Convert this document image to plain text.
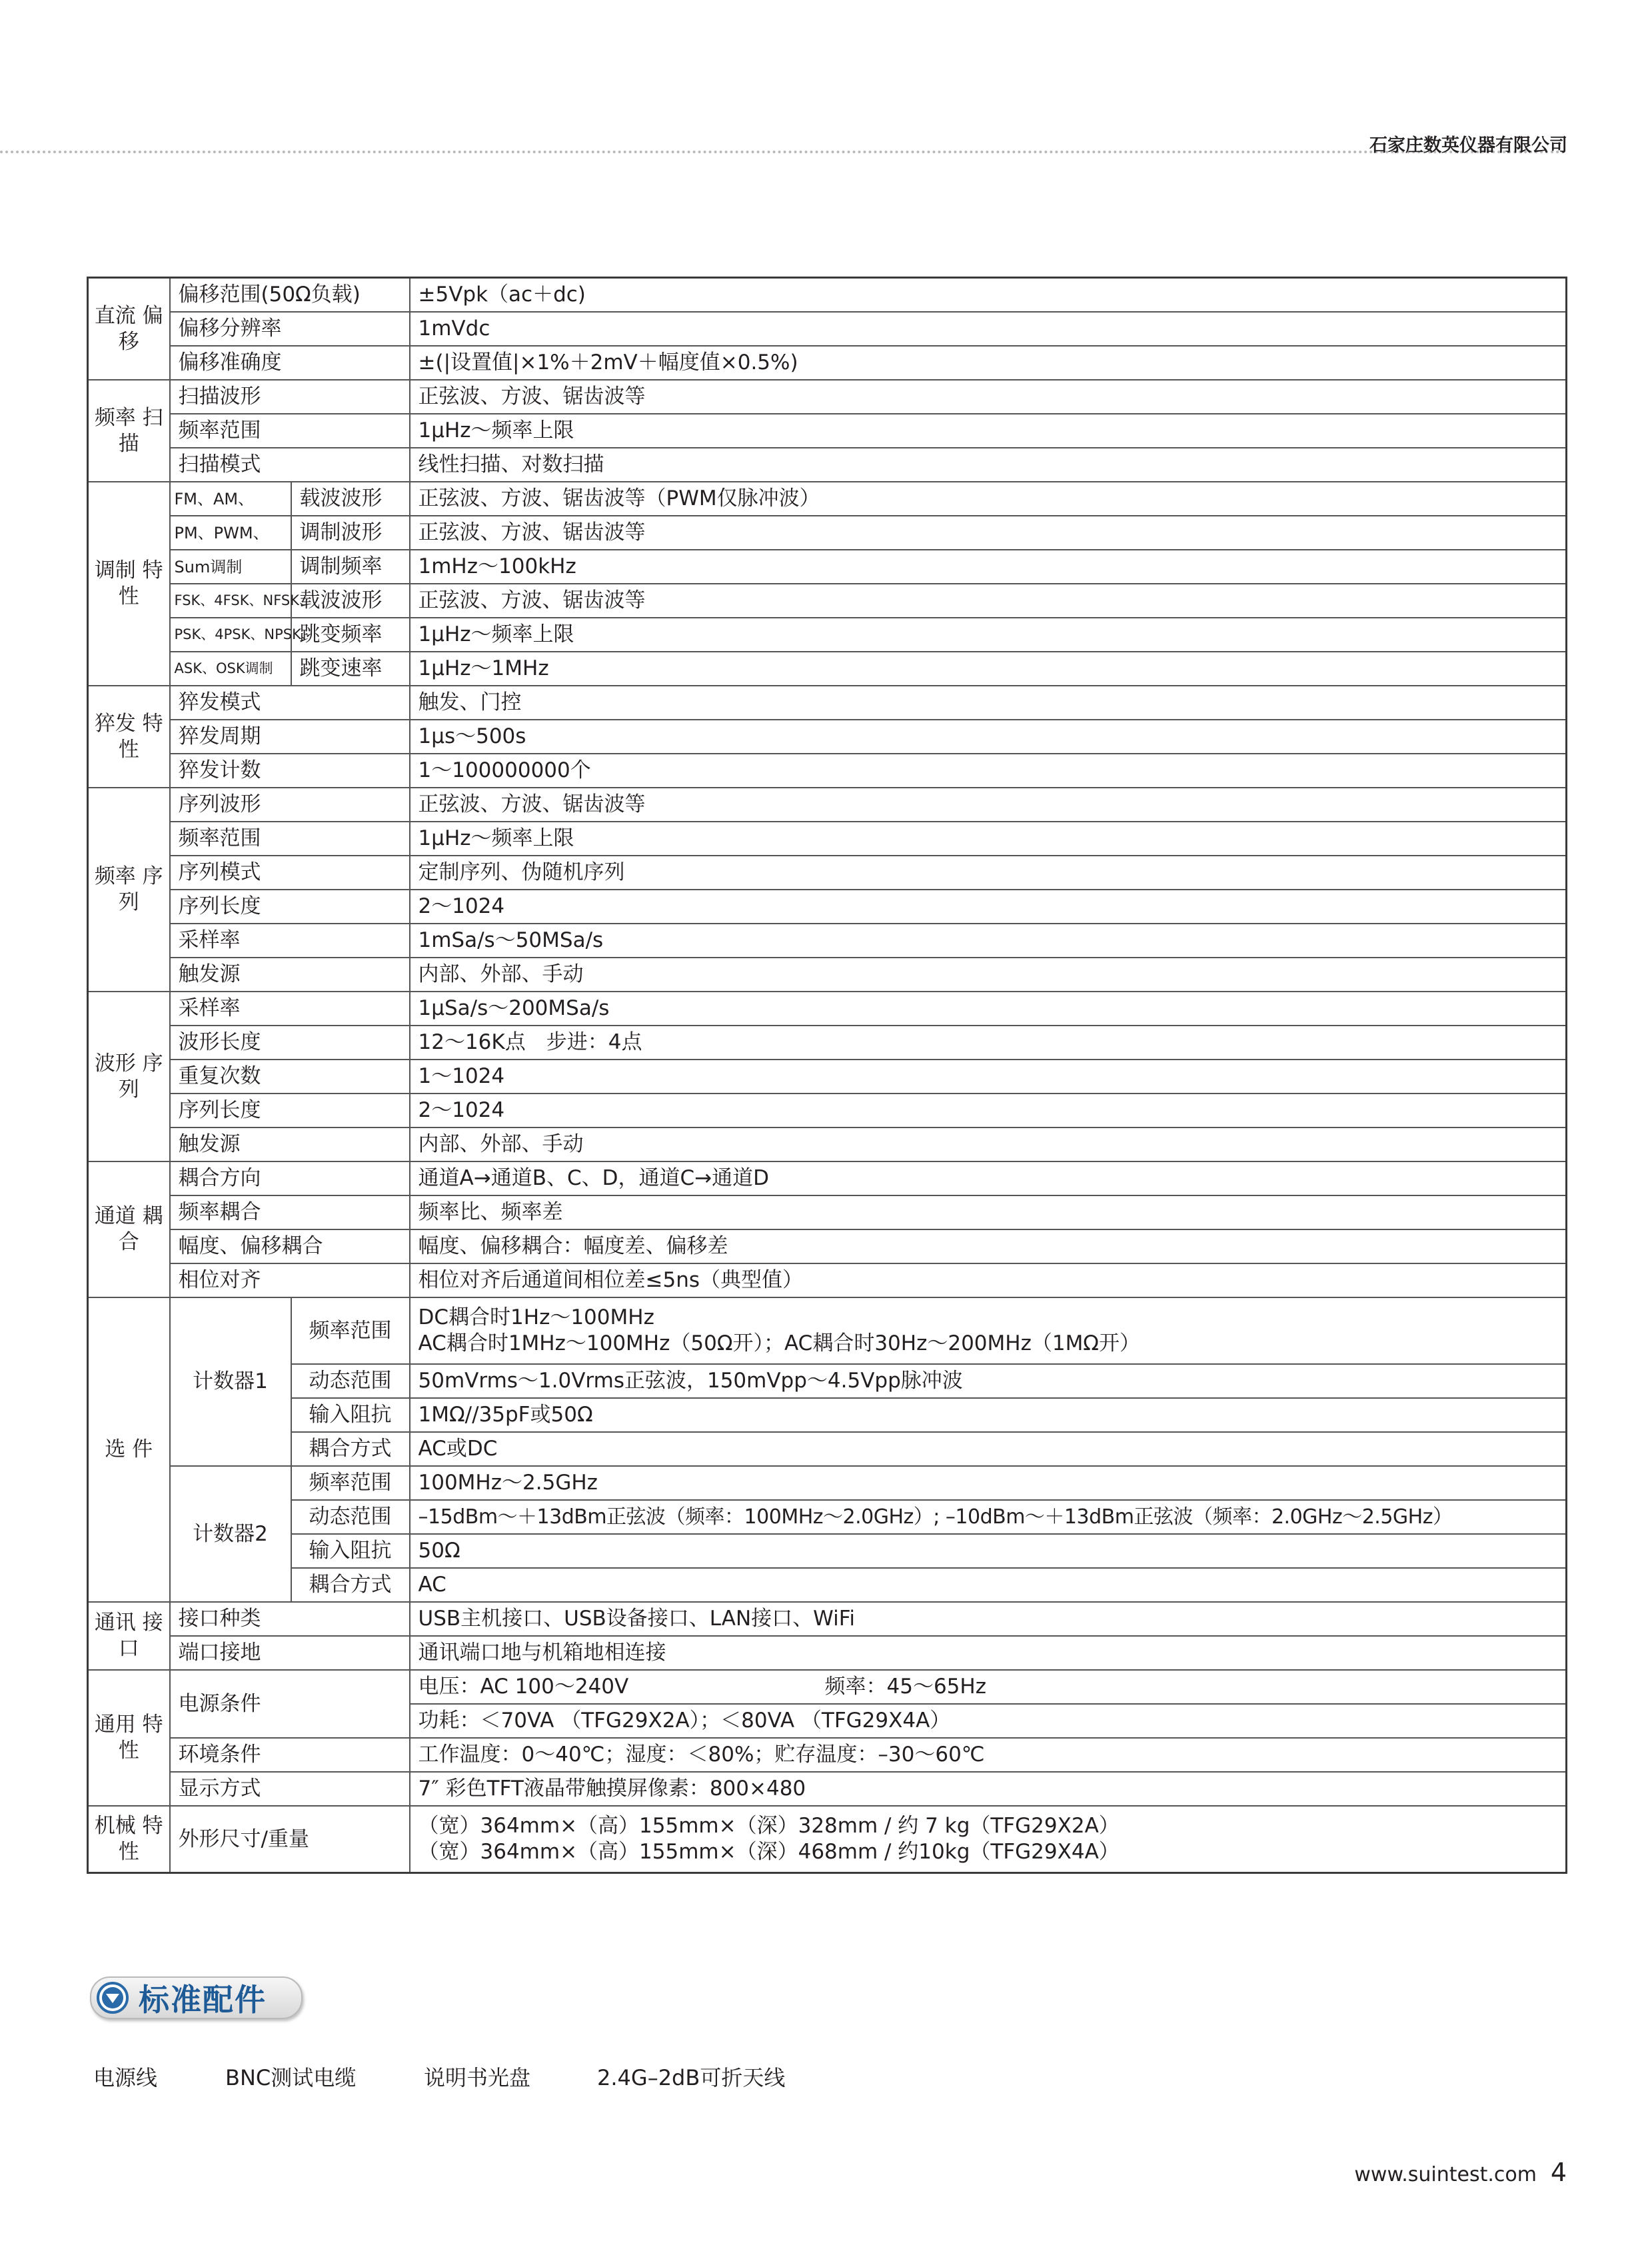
石家庄数英仪器有限公司
直流 偏移	偏移范围(50Ω负载)		±5Vpk（ac＋dc)
	偏移分辨率		1mVdc
	偏移准确度		±(|设置值|×1%＋2mV＋幅度值×0.5%)
频率 扫描	扫描波形		正弦波、方波、锯齿波等
	频率范围		1μHz～频率上限
	扫描模式		线性扫描、对数扫描
调制 特性	FM、AM、	载波波形	正弦波、方波、锯齿波等（PWM仅脉冲波）
	PM、PWM、	调制波形	正弦波、方波、锯齿波等
	Sum调制	调制频率	1mHz～100kHz
	FSK、4FSK、NFSK、	载波波形	正弦波、方波、锯齿波等
	PSK、4PSK、NPSK、	跳变频率	1μHz～频率上限
	ASK、OSK调制	跳变速率	1μHz～1MHz
猝发 特性	猝发模式		触发、门控
	猝发周期		1μs～500s
	猝发计数		1～100000000个
频率 序列	序列波形		正弦波、方波、锯齿波等
	频率范围		1μHz～频率上限
	序列模式		定制序列、伪随机序列
	序列长度		2～1024
	采样率		1mSa/s～50MSa/s
	触发源		内部、外部、手动
波形 序列	采样率		1μSa/s～200MSa/s
	波形长度		12～16K点　步进：4点
	重复次数		1～1024
	序列长度		2～1024
	触发源		内部、外部、手动
通道 耦合	耦合方向		通道A→通道B、C、D，通道C→通道D
	频率耦合		频率比、频率差
	幅度、偏移耦合		幅度、偏移耦合：幅度差、偏移差
	相位对齐		相位对齐后通道间相位差≤5ns（典型值）
选 件	计数器1	频率范围	DC耦合时1Hz～100MHz
AC耦合时1MHz～100MHz（50Ω开）；AC耦合时30Hz～200MHz（1MΩ开）

		动态范围	50mVrms～1.0Vrms正弦波，150mVpp～4.5Vpp脉冲波
		输入阻抗	1MΩ//35pF或50Ω
		耦合方式	AC或DC
	计数器2	频率范围	100MHz～2.5GHz
		动态范围	–15dBm～＋13dBm正弦波（频率：100MHz～2.0GHz）; –10dBm～＋13dBm正弦波（频率：2.0GHz～2.5GHz）
		输入阻抗	50Ω
		耦合方式	AC
通讯 接口	接口种类		USB主机接口、USB设备接口、LAN接口、WiFi
	端口接地		通讯端口地与机箱地相连接
通用 特性	电源条件		电压：AC 100～240V 频率：45～65Hz
			功耗：＜70VA （TFG29X2A）；＜80VA （TFG29X4A）
	环境条件		工作温度：0～40℃；湿度：＜80%；贮存温度：–30～60℃
	显示方式		7″ 彩色TFT液晶带触摸屏像素：800×480
机械 特性	外形尺寸/重量		（宽）364mm×（高）155mm×（深）328mm / 约 7 kg（TFG29X2A）
（宽）364mm×（高）155mm×（深）468mm / 约10kg（TFG29X4A）
标准配件
电源线	BNC测试电缆	说明书光盘	2.4G–2dB可折天线
www.suintest.com 4
